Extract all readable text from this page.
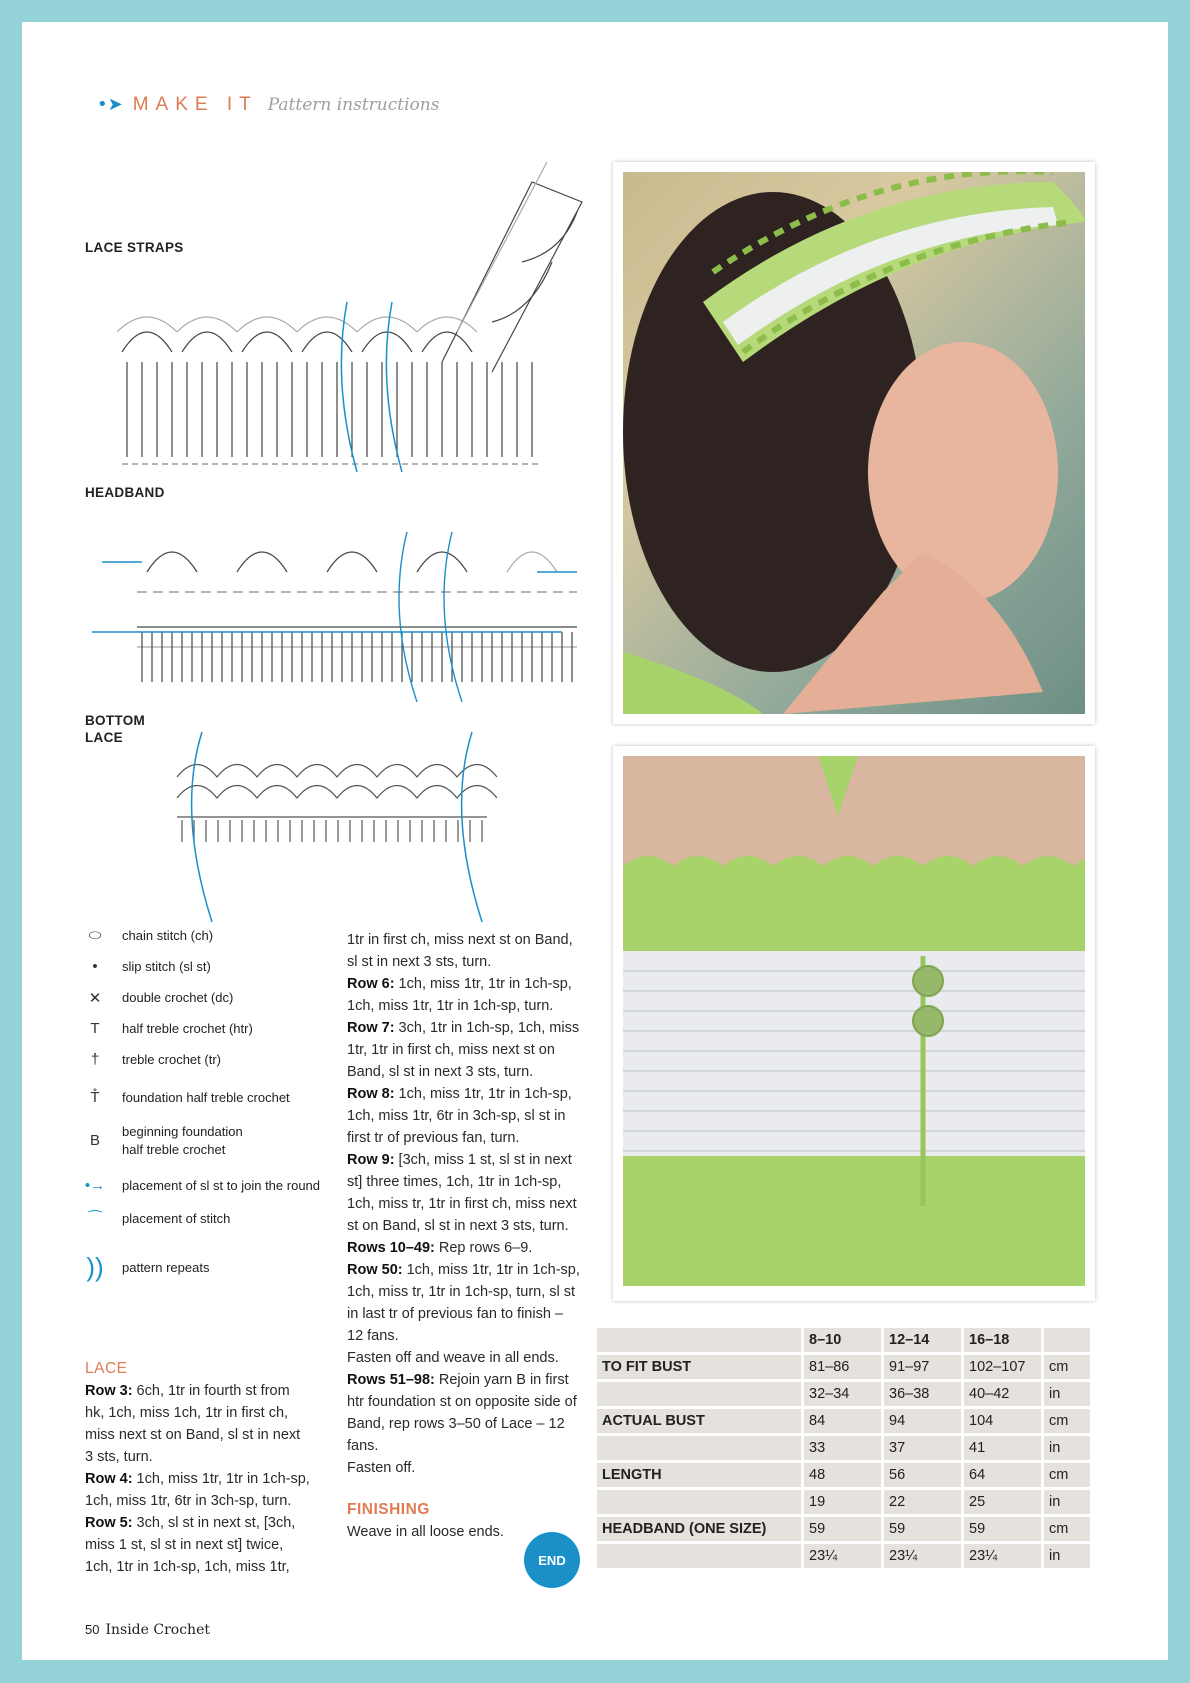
•➤ MAKE IT Pattern instructions
LACE STRAPS
HEADBAND
BOTTOM
LACE
⬭	chain stitch (ch)
•	slip stitch (sl st)
✕	double crochet (dc)
T	half treble crochet (htr)
†	treble crochet (tr)
T̊	foundation half treble crochet
B
beginning foundation
half treble crochet
•→ placement of sl st to join the round
⁀	placement of stitch
))	pattern repeats
LACE
Row 3: 6ch, 1tr in fourth st from hk, 1ch, miss 1ch, 1tr in first ch, miss next st on Band, sl st in next 3 sts, turn.
Row 4: 1ch, miss 1tr, 1tr in 1ch-sp, 1ch, miss 1tr, 6tr in 3ch-sp, turn.
Row 5: 3ch, sl st in next st, [3ch, miss 1 st, sl st in next st] twice, 1ch, 1tr in 1ch-sp, 1ch, miss 1tr,
1tr in first ch, miss next st on Band, sl st in next 3 sts, turn.
Row 6: 1ch, miss 1tr, 1tr in 1ch-sp, 1ch, miss 1tr, 1tr in 1ch-sp, turn.
Row 7: 3ch, 1tr in 1ch-sp, 1ch, miss 1tr, 1tr in first ch, miss next st on Band, sl st in next 3 sts, turn.
Row 8: 1ch, miss 1tr, 1tr in 1ch-sp, 1ch, miss 1tr, 6tr in 3ch-sp, sl st in first tr of previous fan, turn.
Row 9: [3ch, miss 1 st, sl st in next st] three times, 1ch, 1tr in 1ch-sp, 1ch, miss tr, 1tr in first ch, miss next st on Band, sl st in next 3 sts, turn.
Rows 10–49: Rep rows 6–9.
Row 50: 1ch, miss 1tr, 1tr in 1ch-sp, 1ch, miss tr, 1tr in 1ch-sp, turn, sl st in last tr of previous fan to finish – 12 fans.
Fasten off and weave in all ends.
Rows 51–98: Rejoin yarn B in first htr foundation st on opposite side of Band, rep rows 3–50 of Lace – 12 fans.
Fasten off.
FINISHING
Weave in all loose ends.
END
	8–10	12–14	16–18	
TO FIT BUST	81–86	91–97	102–107	cm
	32–34	36–38	40–42	in
ACTUAL BUST	84	94	104	cm
	33	37	41	in
LENGTH	48	56	64	cm
	19	22	25	in
HEADBAND (ONE SIZE)	59	59	59	cm
	23¼	23¼	23¼	in
50 Inside Crochet
